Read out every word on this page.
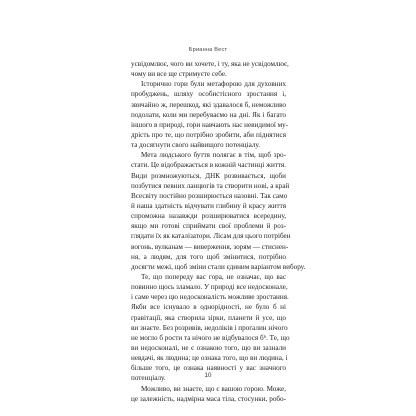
Брианна Вест
усвідомлює, чого ви хочете, і ту, яка не усвідомлює,
чому ви все ще стримуєте себе.
Історично гори були метафорою для духовних
пробуджень, шляху особистісного зростання і,
звичайно ж, перешкод, які здавалося б, неможливо
подолати, коли ми перебуваємо на дні. Як і багато
іншого в природі, гори навчають нас невидимої му-
дрість про те, що потрібно зробити, аби піднятися
та досягнути свого найвищого потенціалу.
Мета людського буття полягає в тім, щоб зро-
стати. Це відображається в кожній частинці життя.
Види розмножуються, ДНК розвивається, щоби
позбутися певних ланцюгів та створити нові, а край
Всесвіту постійно розширюється назовні. Так само
й наша здатність відчувати глибину й красу життя
спроможна назавжди розширюватися всередину,
якщо ми готові сприймати свої проблеми й роз-
глядати їх як каталізатори. Лісам для цього потрібен
вогонь, вулканам — виверження, зорям — стиснен-
ня, а людям, для того щоб змінитися, потрібно
досягти межі, щоб зміни стали єдиним варіантом вибору.
Те, що попереду вас гора, не означає, що вас
повинно щось зламало. У природі все недосконале,
і саме через цю недосконалість можливе зростання.
Якби все існувало в однорідності, не було б ні
гравітації, яка створила зірки, планети й усе, що
ви знаєте. Без розривів, недоліків і прогалин нічого
не могло б рости та нічого не відбувалося б⁶. Те, що
ви недосконалі, не є ознакою того, що ви зазнали
невдачі, як людина; це ознака того, що ви людина, і
більше того, це ознака наявності у вас значного
потенціалу.
Можливо, ви знаєте, що є вашою горою. Може,
це залежність, надмірна маса тіла, стосунки, робо-
10
